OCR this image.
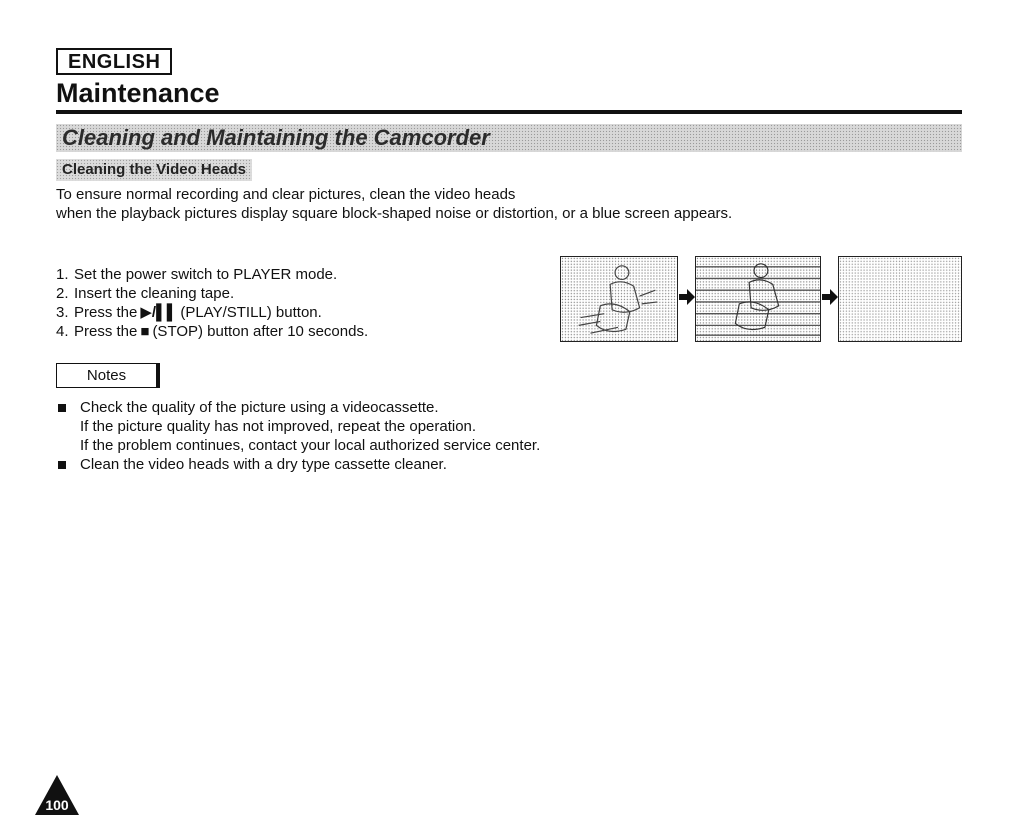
ENGLISH
Maintenance
Cleaning and Maintaining the Camcorder
Cleaning the Video Heads

To ensure normal recording and clear pictures, clean the video heads

when the playback pictures display square block-shaped noise or distortion, or a blue screen appears.

1. Set the power switch to PLAYER mode.
2. Insert the cleaning tape.
3. Press the ▶/▌▌ (PLAY/STILL) button.
4. Press the ■ (STOP) button after 10 seconds.
Notes

Check the quality of the picture using a videocassette.

If the picture quality has not improved, repeat the operation.

If the problem continues, contact your local authorized service center.

Clean the video heads with a dry type cassette cleaner.

100
